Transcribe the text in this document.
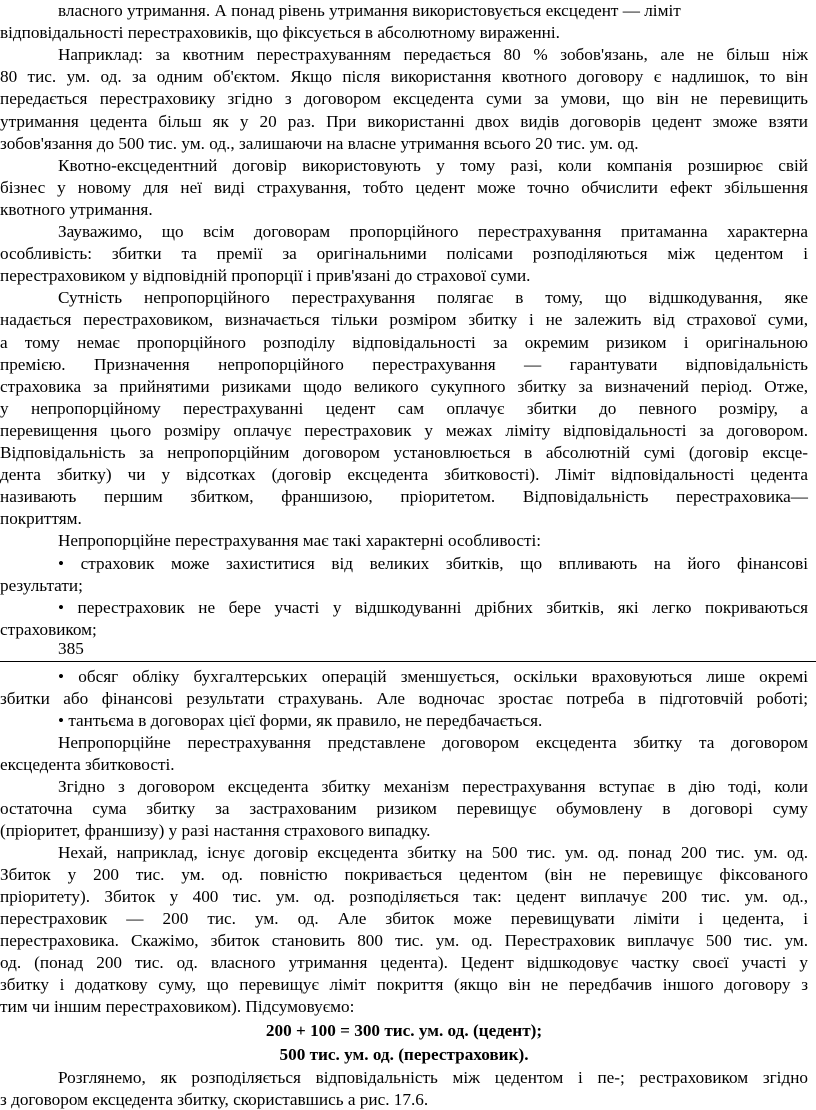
власного утримання. А понад рівень утримання використовується ексцедент — ліміт
відповідальності перестраховиків, що фіксується в абсолютному вираженні.
Наприклад: за квотним перестрахуванням передається 80 % зобов'язань, але не більш ніж
80 тис. ум. од. за одним об'єктом. Якщо після використання квотного договору є надлишок, то він
передається перестраховику згідно з договором ексцедента суми за умови, що він не перевищить
утримання цедента більш як у 20 раз. При використанні двох видів договорів цедент зможе взяти
зобов'язання до 500 тис. ум. од., залишаючи на власне утримання всього 20 тис. ум. од.
Квотно-ексцедентний договір використовують у тому разі, коли компанія розширює свій
бізнес у новому для неї виді страхування, тобто цедент може точно обчислити ефект збільшення
квотного утримання.
Зауважимо, що всім договорам пропорційного перестрахування притаманна характерна
особливість: збитки та премії за оригінальними полісами розподіляються між цедентом і
перестраховиком у відповідній пропорції і прив'язані до страхової суми.
Сутність непропорційного перестрахування полягає в тому, що відшкодування, яке
надається перестраховиком, визначається тільки розміром збитку і не залежить від страхової суми,
а тому немає пропорційного розподілу відповідальності за окремим ризиком і оригінальною
премією. Призначення непропорційного перестрахування — гарантувати відповідальність
страховика за прийнятими ризиками щодо великого сукупного збитку за визначений період. Отже,
у непропорційному перестрахуванні цедент сам оплачує збитки до певного розміру, а
перевищення цього розміру оплачує перестраховик у межах ліміту відповідальності за договором.
Відповідальність за непропорційним договором установлюється в абсолютній сумі (договір ексце-
дента збитку) чи у відсотках (договір ексцедента збитковості). Ліміт відповідальності цедента
називають першим збитком, франшизою, пріоритетом. Відповідальність перестраховика—
покриттям.
Непропорційне перестрахування має такі характерні особливості:
• страховик може захиститися від великих збитків, що впливають на його фінансові
результати;
• перестраховик не бере участі у відшкодуванні дрібних збитків, які легко покриваються
страховиком;
385
• обсяг обліку бухгалтерських операцій зменшується, оскільки враховуються лише окремі
збитки або фінансові результати страхувань. Але водночас зростає потреба в підготовчій роботі;
• тантьєма в договорах цієї форми, як правило, не передбачається.
Непропорційне перестрахування представлене договором ексцедента збитку та договором
ексцедента збитковості.
Згідно з договором ексцедента збитку механізм перестрахування вступає в дію тоді, коли
остаточна сума збитку за застрахованим ризиком перевищує обумовлену в договорі суму
(пріоритет, франшизу) у разі настання страхового випадку.
Нехай, наприклад, існує договір ексцедента збитку на 500 тис. ум. од. понад 200 тис. ум. од.
Збиток у 200 тис. ум. од. повністю покривається цедентом (він не перевищує фіксованого
пріоритету). Збиток у 400 тис. ум. од. розподіляється так: цедент виплачує 200 тис. ум. од.,
перестраховик — 200 тис. ум. од. Але збиток може перевищувати ліміти і цедента, і
перестраховика. Скажімо, збиток становить 800 тис. ум. од. Перестраховик виплачує 500 тис. ум.
од. (понад 200 тис. од. власного утримання цедента). Цедент відшкодовує частку своєї участі у
збитку і додаткову суму, що перевищує ліміт покриття (якщо він не передбачив іншого договору з
тим чи іншим перестраховиком). Підсумовуємо:
200 + 100 = 300 тис. ум. од. (цедент);
500 тис. ум. од. (перестраховик).
Розглянемо, як розподіляється відповідальність між цедентом і пе-; рестраховиком згідно
з договором ексцедента збитку, скориставшись а рис. 17.6.
